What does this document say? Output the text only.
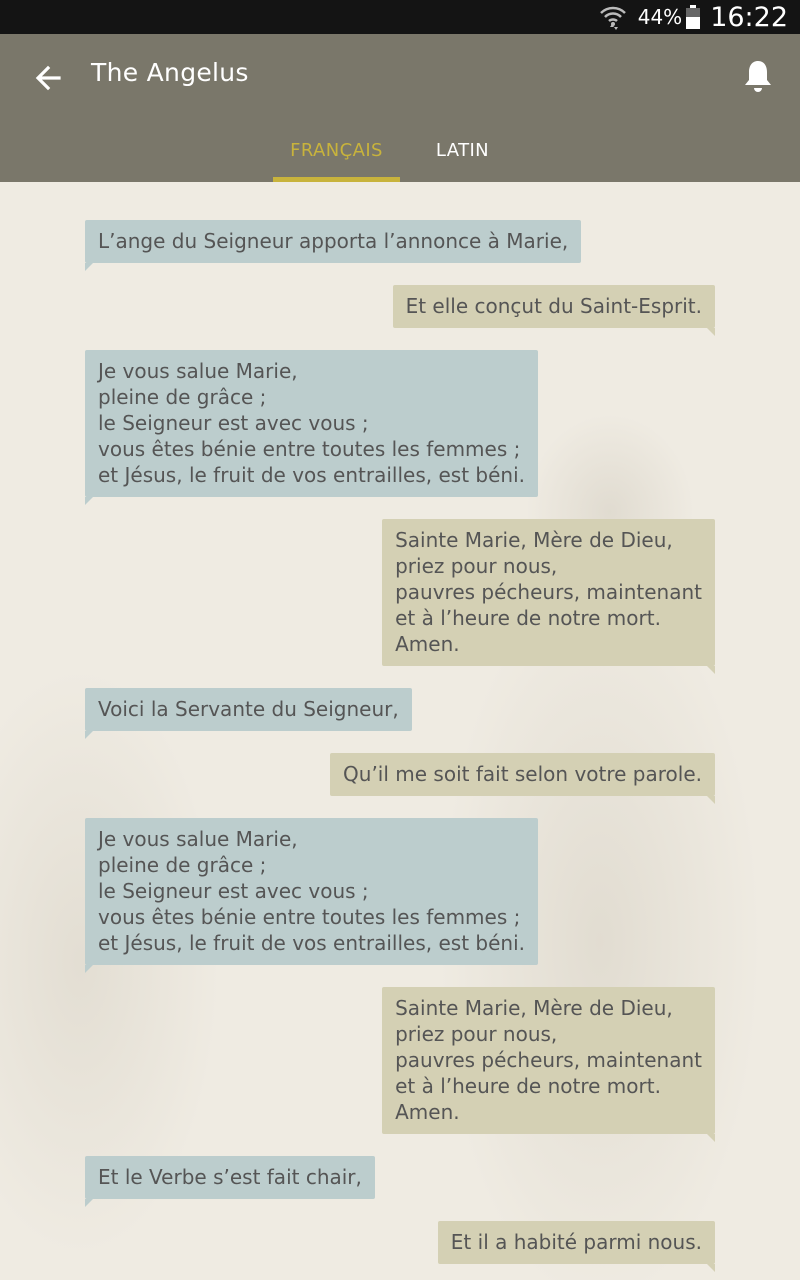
44% 16:22
The Angelus
FRANÇAIS	LATIN
L’ange du Seigneur apporta l’annonce à Marie,
Et elle conçut du Saint-Esprit.
Je vous salue Marie,
pleine de grâce ;
le Seigneur est avec vous ;
vous êtes bénie entre toutes les femmes ;
et Jésus, le fruit de vos entrailles, est béni.
Sainte Marie, Mère de Dieu,
priez pour nous,
pauvres pécheurs, maintenant
et à l’heure de notre mort.
Amen.
Voici la Servante du Seigneur,
Qu’il me soit fait selon votre parole.
Je vous salue Marie,
pleine de grâce ;
le Seigneur est avec vous ;
vous êtes bénie entre toutes les femmes ;
et Jésus, le fruit de vos entrailles, est béni.
Sainte Marie, Mère de Dieu,
priez pour nous,
pauvres pécheurs, maintenant
et à l’heure de notre mort.
Amen.
Et le Verbe s’est fait chair,
Et il a habité parmi nous.
